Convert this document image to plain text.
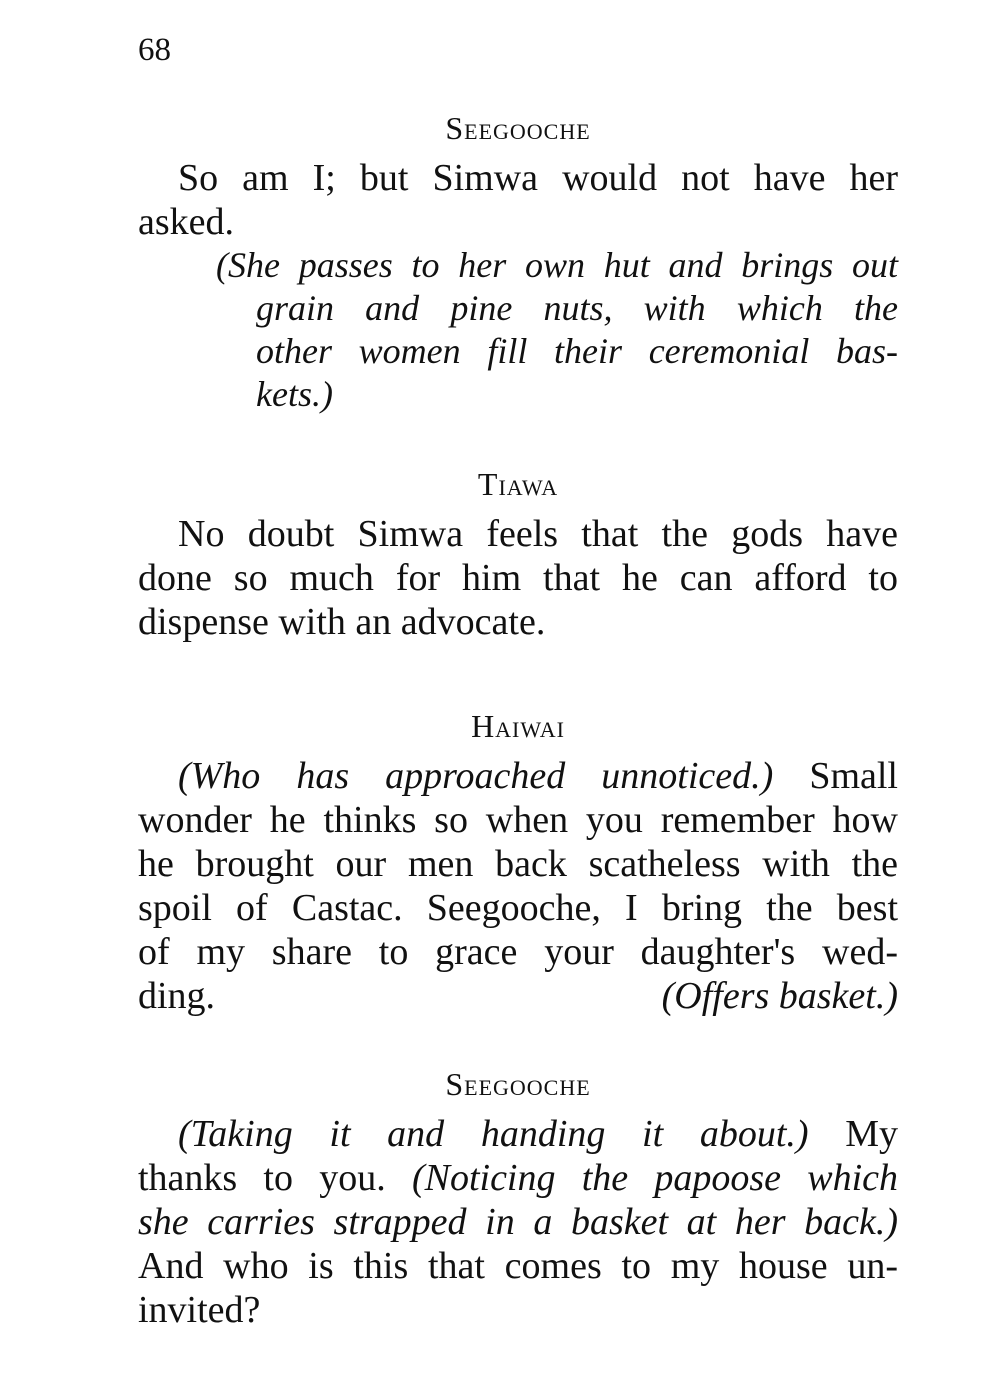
68
Seegooche
So am I; but Simwa would not have her
asked.
(She passes to her own hut and brings out
grain and pine nuts, with which the
other women fill their ceremonial bas-
kets.)
Tiawa
No doubt Simwa feels that the gods have
done so much for him that he can afford to
dispense with an advocate.
Haiwai
(Who has approached unnoticed.) Small
wonder he thinks so when you remember how
he brought our men back scatheless with the
spoil of Castac. Seegooche, I bring the best
of my share to grace your daughter's wed-
ding.	(Offers basket.)
Seegooche
(Taking it and handing it about.) My
thanks to you. (Noticing the papoose which
she carries strapped in a basket at her back.)
And who is this that comes to my house un-
invited?
